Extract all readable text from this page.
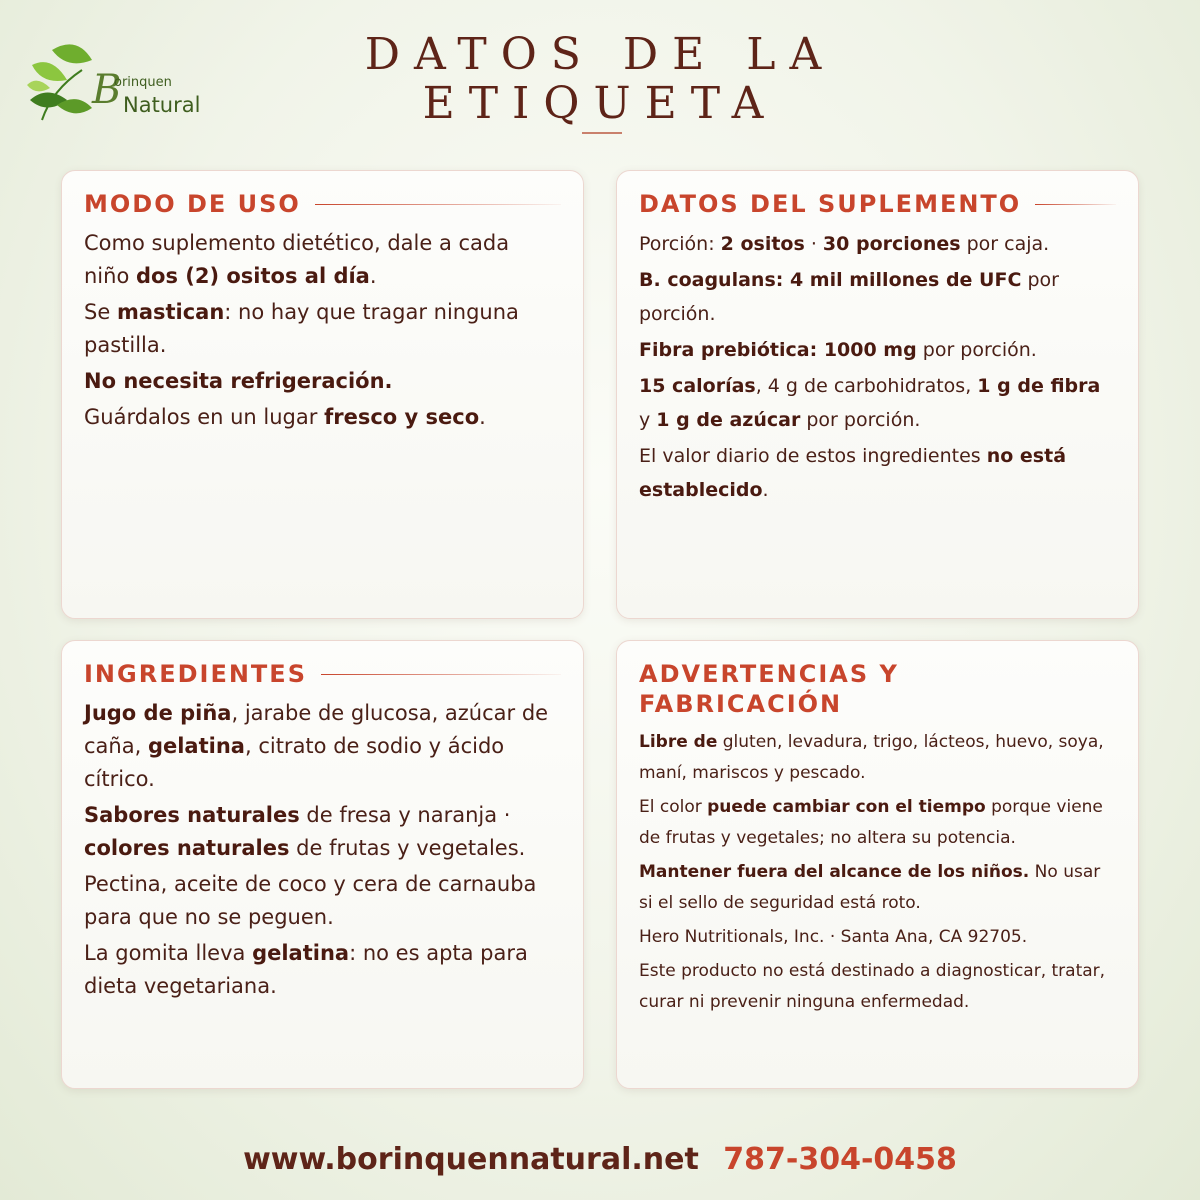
B
orinquen
Natural
DATOS DE LA
ETIQUETA
MODO DE USO

Como suplemento dietético, dale a cada niño dos (2) ositos al día.

Se mastican: no hay que tragar ninguna pastilla.

No necesita refrigeración.

Guárdalos en un lugar fresco y seco.

DATOS DEL SUPLEMENTO

Porción: 2 ositos · 30 porciones por caja.

B. coagulans: 4 mil millones de UFC por porción.

Fibra prebiótica: 1000 mg por porción.

15 calorías, 4 g de carbohidratos, 1 g de fibra y 1 g de azúcar por porción.

El valor diario de estos ingredientes no está establecido.

INGREDIENTES

Jugo de piña, jarabe de glucosa, azúcar de caña, gelatina, citrato de sodio y ácido cítrico.

Sabores naturales de fresa y naranja · colores naturales de frutas y vegetales.

Pectina, aceite de coco y cera de carnauba para que no se peguen.

La gomita lleva gelatina: no es apta para dieta vegetariana.

ADVERTENCIAS Y FABRICACIÓN

Libre de gluten, levadura, trigo, lácteos, huevo, soya, maní, mariscos y pescado.

El color puede cambiar con el tiempo porque viene de frutas y vegetales; no altera su potencia.

Mantener fuera del alcance de los niños. No usar si el sello de seguridad está roto.

Hero Nutritionals, Inc. · Santa Ana, CA 92705.

Este producto no está destinado a diagnosticar, tratar, curar ni prevenir ninguna enfermedad.

www.borinquennatural.net 787-304-0458
